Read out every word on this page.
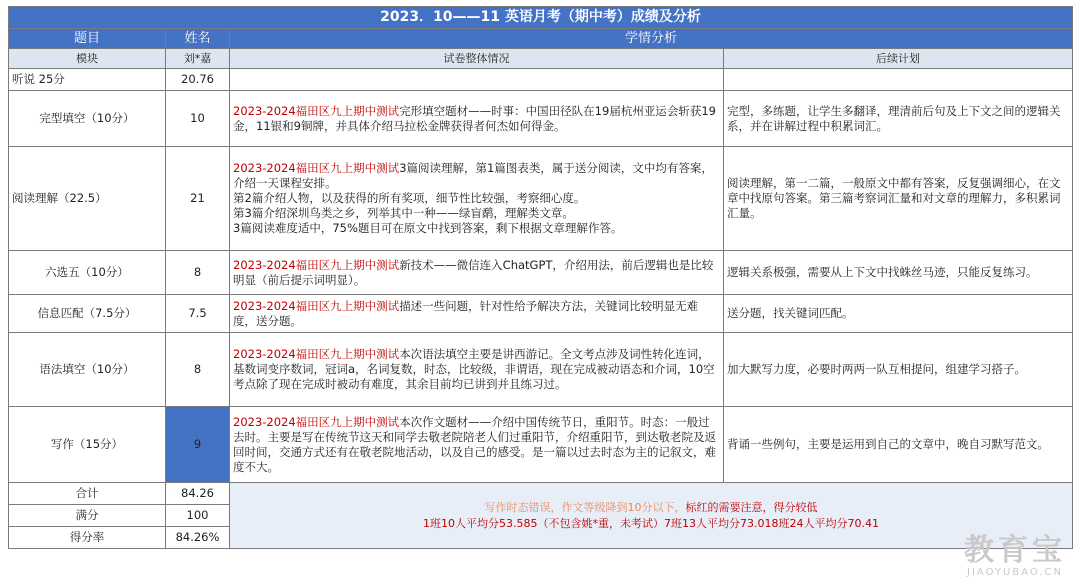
2023．10——11 英语月考（期中考）成绩及分析			
题目	姓名	学情分析	
模块	刘*嘉	试卷整体情况	后续计划
听说 25分	20.76		
完型填空（10分）	10	2023-2024福田区九上期中测试完形填空题材——时事：中国田径队在19届杭州亚运会斩获19金，11银和9铜牌，并具体介绍马拉松金牌获得者何杰如何得金。	完型，多练题，让学生多翻译，理清前后句及上下文之间的逻辑关系，并在讲解过程中积累词汇。
阅读理解（22.5）	21	2023-2024福田区九上期中测试3篇阅读理解，第1篇图表类，属于送分阅读，文中均有答案，介绍一天课程安排。
第2篇介绍人物，以及获得的所有奖项，细节性比较强，考察细心度。
第3篇介绍深圳鸟类之乡，列举其中一种——绿盲鹬，理解类文章。
3篇阅读难度适中，75%题目可在原文中找到答案，剩下根据文章理解作答。	阅读理解，第一二篇，一般原文中都有答案，反复强调细心，在文章中找原句答案。第三篇考察词汇量和对文章的理解力，多积累词汇量。
六选五（10分）	8	2023-2024福田区九上期中测试新技术——微信连入ChatGPT，介绍用法，前后逻辑也是比较明显（前后提示词明显）。	逻辑关系极强，需要从上下文中找蛛丝马迹，只能反复练习。
信息匹配（7.5分）	7.5	2023-2024福田区九上期中测试描述一些问题，针对性给予解决方法，关键词比较明显无难度，送分题。	送分题，找关键词匹配。
语法填空（10分）	8	2023-2024福田区九上期中测试本次语法填空主要是讲西游记。全文考点涉及词性转化连词，基数词变序数词，冠词a，名词复数，时态，比较级，非谓语，现在完成被动语态和介词，10空考点除了现在完成时被动有难度，其余目前均已讲到并且练习过。	加大默写力度，必要时两两一队互相提问，组建学习搭子。
写作（15分）	9	2023-2024福田区九上期中测试本次作文题材——介绍中国传统节日，重阳节。时态：一般过去时。主要是写在传统节这天和同学去敬老院陪老人们过重阳节，介绍重阳节，到达敬老院及返回时间，交通方式还有在敬老院地活动，以及自己的感受。是一篇以过去时态为主的记叙文，难度不大。	背诵一些例句，主要是运用到自己的文章中，晚自习默写范文。
合计	84.26	写作时态错误，作文等级降到10分以下，标红的需要注意，得分较低
1班10人平均分53.585（不包含姚*重，未考试）7班13人平均分73.018班24人平均分70.41	

满分	100		
得分率	84.26%			教育宝
JIAOYUBAO.CN
